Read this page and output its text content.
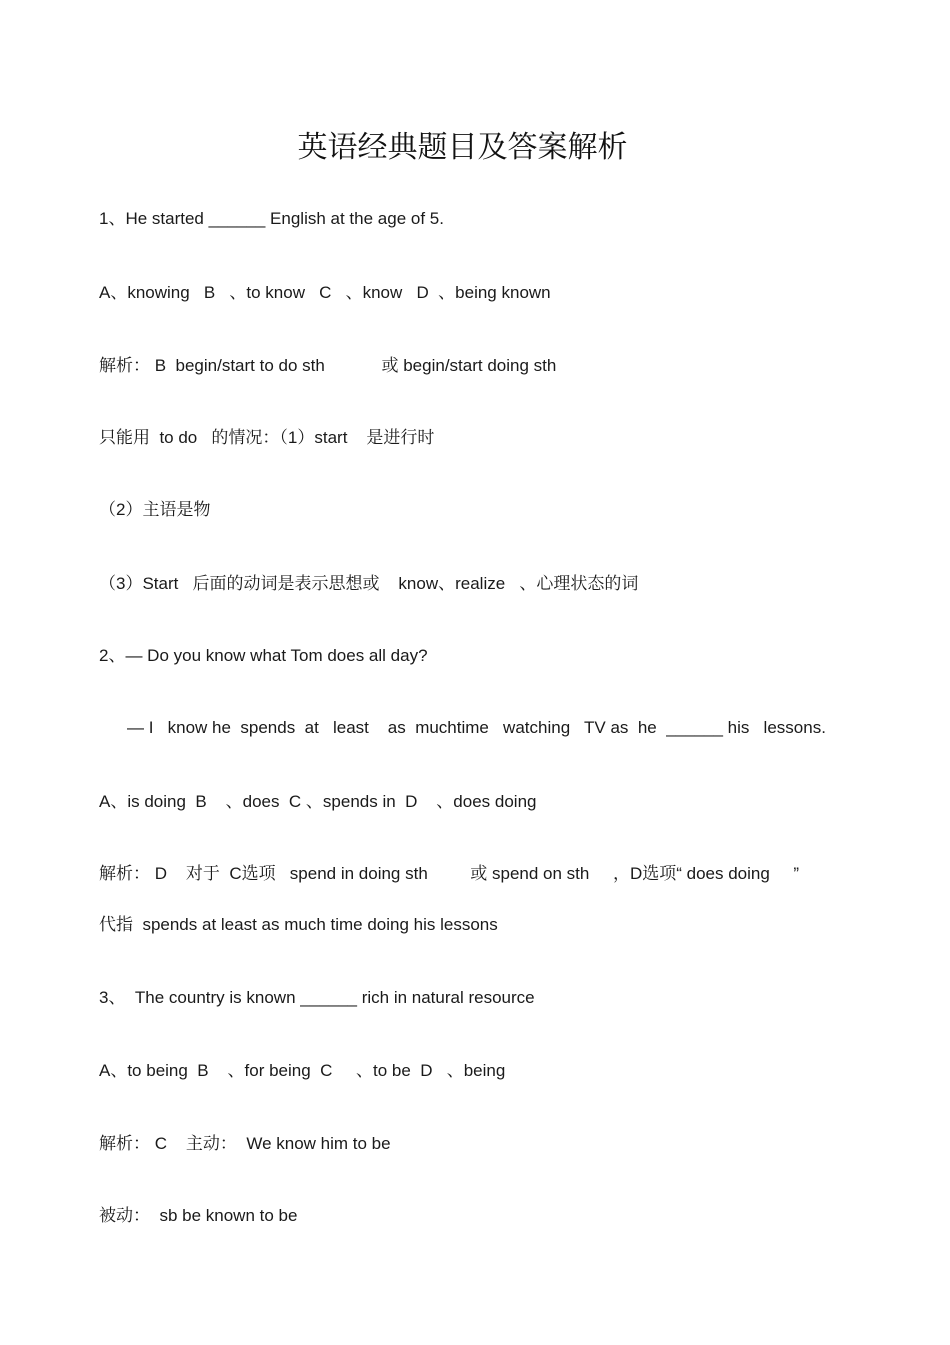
英语经典题目及答案解析
1、He started ______ English at the age of 5.
A、knowing   B   、to know   C   、know   D  、being known
解析： B  begin/start to do sth            或 begin/start doing sth
只能用  to do   的情况：（1）start    是进行时
（2）主语是物
（3）Start   后面的动词是表示思想或    know、realize   、心理状态的词
2、— Do you know what Tom does all day?
— I   know he  spends  at   least    as  muchtime   watching   TV as  he  ______ his   lessons.
A、is doing  B    、does  C 、spends in  D    、does doing
解析： D    对于  C选项   spend in doing sth         或 spend on sth     ，D选项“ does doing     ”
代指  spends at least as much time doing his lessons
3、  The country is known ______ rich in natural resource
A、to being  B    、for being  C     、to be  D   、being
解析： C    主动：  We know him to be
被动：  sb be known to be
